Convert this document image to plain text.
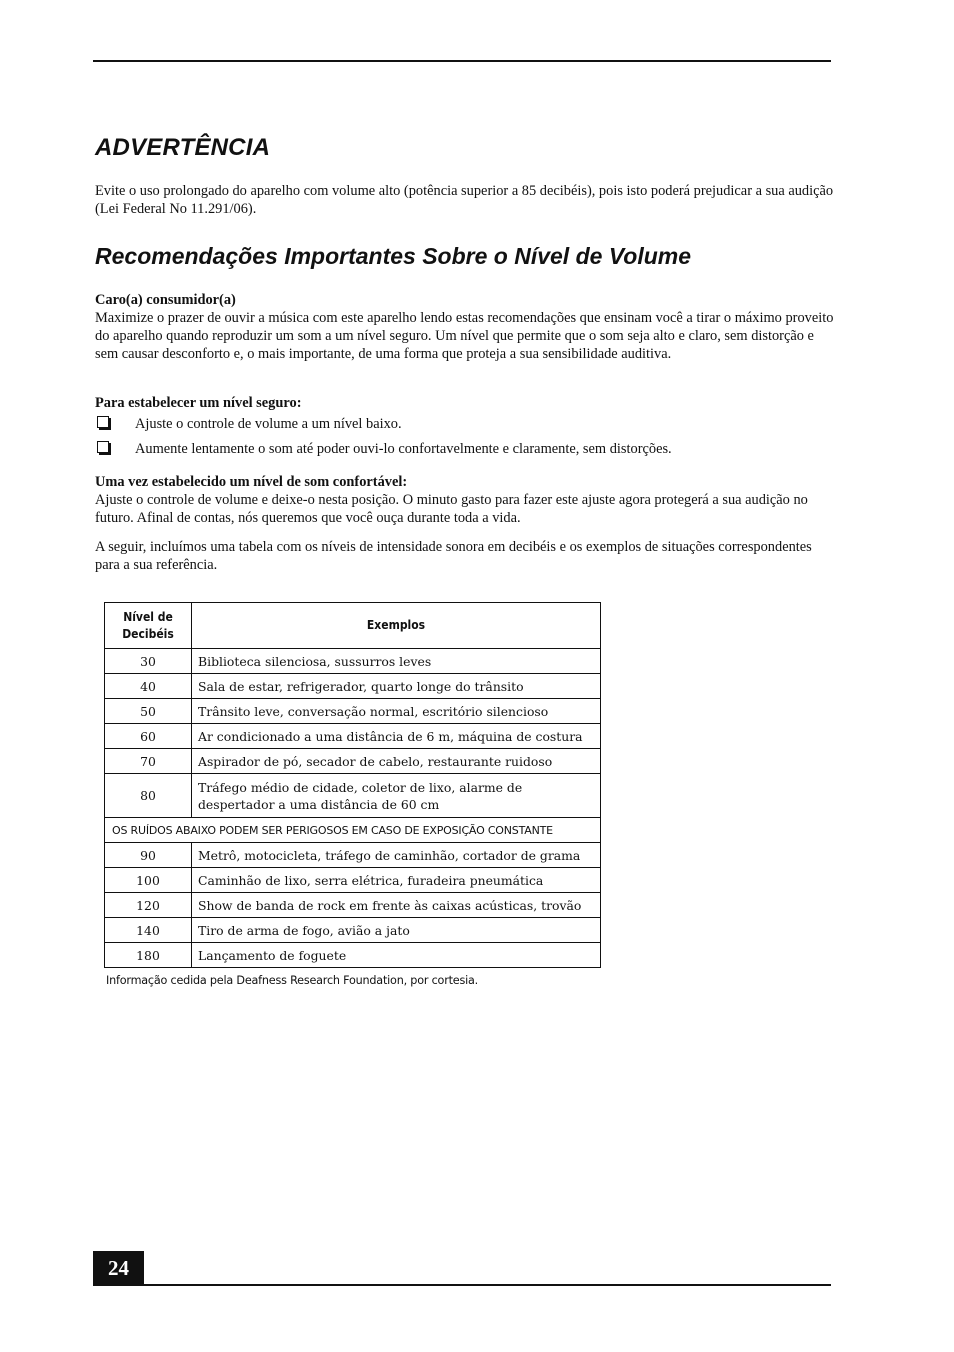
ADVERTÊNCIA

Evite o uso prolongado do aparelho com volume alto (potência superior a 85 decibéis), pois isto poderá prejudicar a sua audição (Lei Federal No 11.291/06).

Recomendações Importantes Sobre o Nível de Volume

Caro(a) consumidor(a)

Maximize o prazer de ouvir a música com este aparelho lendo estas recomendações que ensinam você a tirar o máximo proveito do aparelho quando reproduzir um som a um nível seguro. Um nível que permite que o som seja alto e claro, sem distorção e sem causar desconforto e, o mais importante, de uma forma que proteja a sua sensibilidade auditiva.

Para estabelecer um nível seguro:

Ajuste o controle de volume a um nível baixo.
Aumente lentamente o som até poder ouvi-lo confortavelmente e claramente, sem distorções.

Uma vez estabelecido um nível de som confortável:

Ajuste o controle de volume e deixe-o nesta posição. O minuto gasto para fazer este ajuste agora protegerá a sua audição no futuro. Afinal de contas, nós queremos que você ouça durante toda a vida.

A seguir, incluímos uma tabela com os níveis de intensidade sonora em decibéis e os exemplos de situações correspondentes para a sua referência.

Nível de Decibéis	Exemplos
30	Biblioteca silenciosa, sussurros leves
40	Sala de estar, refrigerador, quarto longe do trânsito
50	Trânsito leve, conversação normal, escritório silencioso
60	Ar condicionado a uma distância de 6 m, máquina de costura
70	Aspirador de pó, secador de cabelo, restaurante ruidoso
80	Tráfego médio de cidade, coletor de lixo, alarme de despertador a uma distância de 60 cm
OS RUÍDOS ABAIXO PODEM SER PERIGOSOS EM CASO DE EXPOSIÇÃO CONSTANTE	
90	Metrô, motocicleta, tráfego de caminhão, cortador de grama
100	Caminhão de lixo, serra elétrica, furadeira pneumática
120	Show de banda de rock em frente às caixas acústicas, trovão
140	Tiro de arma de fogo, avião a jato
180	Lançamento de foguete

Informação cedida pela Deafness Research Foundation, por cortesia.

24
